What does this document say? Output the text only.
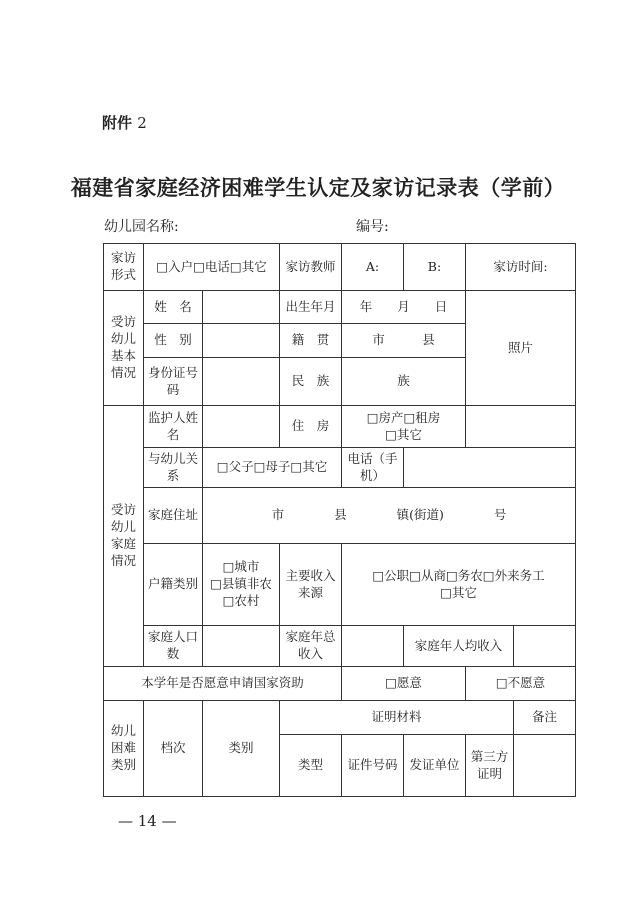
附件 2
福建省家庭经济困难学生认定及家访记录表（学前）
幼儿园名称:	编号:
家访形式	□入户□电话□其它		家访教师	A:	B:	家访时间:	
受访幼儿基本情况	姓　名		出生年月	年　　月　　日		照片	
	性　别		籍　贯	市　　　县			
	身份证号码		民　族	族			
受访幼儿家庭情况	监护人姓名		住　房	□房产□租房
□其它			
	与幼儿关系	□父子□母子□其它		电话（手机）			
	家庭住址	市　　　　县　　　　镇(街道)　　　　号					
	户籍类别	□城市
□县镇非农
□农村	主要收入来源	□公职□从商□务农□外来务工
□其它			
	家庭人口数		家庭年总收入		家庭年人均收入		
本学年是否愿意申请国家资助				□愿意		□不愿意	
幼儿困难类别	档次	类别	证明材料				备注
			类型	证件号码	发证单位	第三方证明	
— 14 —
